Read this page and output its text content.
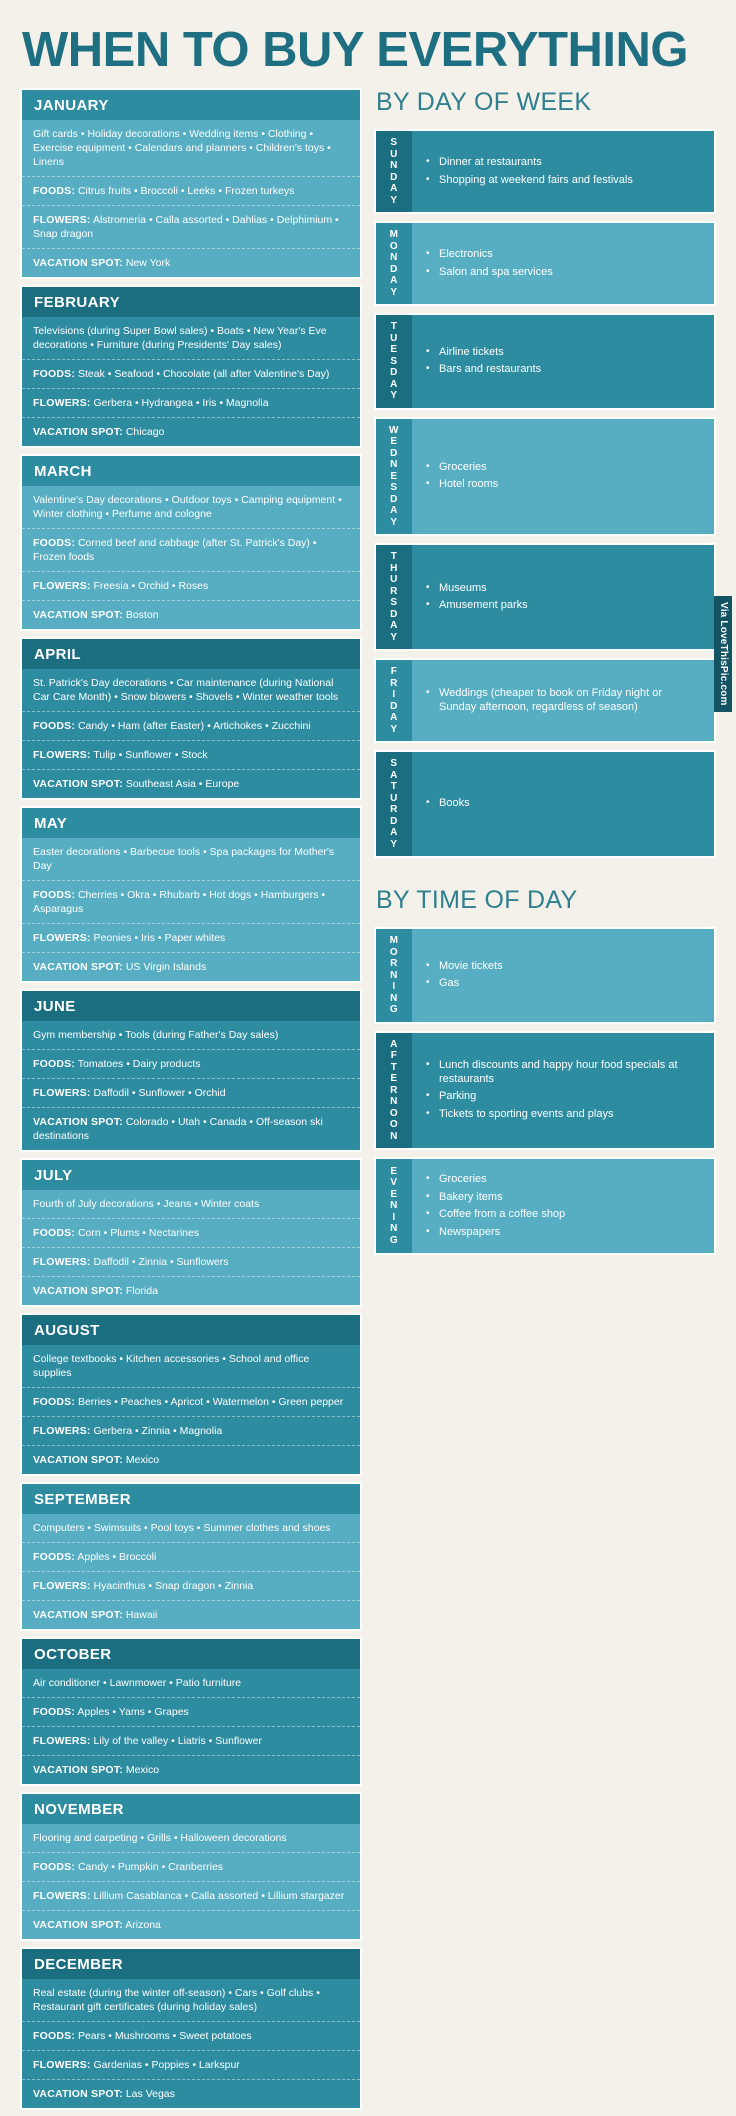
WHEN TO BUY EVERYTHING
JANUARY
Gift cards • Holiday decorations • Wedding items • Clothing • Exercise equipment • Calendars and planners • Children's toys • Linens
FOODS: Citrus fruits • Broccoli • Leeks • Frozen turkeys
FLOWERS: Alstromeria • Calla assorted • Dahlias • Delphimium • Snap dragon
VACATION SPOT: New York
FEBRUARY
Televisions (during Super Bowl sales) • Boats • New Year's Eve decorations • Furniture (during Presidents' Day sales)
FOODS: Steak • Seafood • Chocolate (all after Valentine's Day)
FLOWERS: Gerbera • Hydrangea • Iris • Magnolia
VACATION SPOT: Chicago
MARCH
Valentine's Day decorations • Outdoor toys • Camping equipment • Winter clothing • Perfume and cologne
FOODS: Corned beef and cabbage (after St. Patrick's Day) • Frozen foods
FLOWERS: Freesia • Orchid • Roses
VACATION SPOT: Boston
APRIL
St. Patrick's Day decorations • Car maintenance (during National Car Care Month) • Snow blowers • Shovels • Winter weather tools
FOODS: Candy • Ham (after Easter) • Artichokes • Zucchini
FLOWERS: Tulip • Sunflower • Stock
VACATION SPOT: Southeast Asia • Europe
MAY
Easter decorations • Barbecue tools • Spa packages for Mother's Day
FOODS: Cherries • Okra • Rhubarb • Hot dogs • Hamburgers • Asparagus
FLOWERS: Peonies • Iris • Paper whites
VACATION SPOT: US Virgin Islands
JUNE
Gym membership • Tools (during Father's Day sales)
FOODS: Tomatoes • Dairy products
FLOWERS: Daffodil • Sunflower • Orchid
VACATION SPOT: Colorado • Utah • Canada • Off-season ski destinations
JULY
Fourth of July decorations • Jeans • Winter coats
FOODS: Corn • Plums • Nectarines
FLOWERS: Daffodil • Zinnia • Sunflowers
VACATION SPOT: Florida
AUGUST
College textbooks • Kitchen accessories • School and office supplies
FOODS: Berries • Peaches • Apricot • Watermelon • Green pepper
FLOWERS: Gerbera • Zinnia • Magnolia
VACATION SPOT: Mexico
SEPTEMBER
Computers • Swimsuits • Pool toys • Summer clothes and shoes
FOODS: Apples • Broccoli
FLOWERS: Hyacinthus • Snap dragon • Zinnia
VACATION SPOT: Hawaii
OCTOBER
Air conditioner • Lawnmower • Patio furniture
FOODS: Apples • Yams • Grapes
FLOWERS: Lily of the valley • Liatris • Sunflower
VACATION SPOT: Mexico
NOVEMBER
Flooring and carpeting • Grills • Halloween decorations
FOODS: Candy • Pumpkin • Cranberries
FLOWERS: Lillium Casablanca • Calla assorted • Lillium stargazer
VACATION SPOT: Arizona
DECEMBER
Real estate (during the winter off-season) • Cars • Golf clubs • Restaurant gift certificates (during holiday sales)
FOODS: Pears • Mushrooms • Sweet potatoes
FLOWERS: Gardenias • Poppies • Larkspur
VACATION SPOT: Las Vegas
BY DAY OF WEEK
S
U
N
D
A
Y
• Dinner at restaurants
• Shopping at weekend fairs and festivals
M
O
N
D
A
Y
• Electronics
• Salon and spa services
T
U
E
S
D
A
Y
• Airline tickets
• Bars and restaurants
W
E
D
N
E
S
D
A
Y
• Groceries
• Hotel rooms
T
H
U
R
S
D
A
Y
• Museums
• Amusement parks
F
R
I
D
A
Y
• Weddings (cheaper to book on Friday night or Sunday afternoon, regardless of season)
S
A
T
U
R
D
A
Y
• Books
BY TIME OF DAY
M
O
R
N
I
N
G
• Movie tickets
• Gas
A
F
T
E
R
N
O
O
N
• Lunch discounts and happy hour food specials at restaurants
• Parking
• Tickets to sporting events and plays
E
V
E
N
I
N
G
• Groceries
• Bakery items
• Coffee from a coffee shop
• Newspapers
Via LoveThisPic.com
